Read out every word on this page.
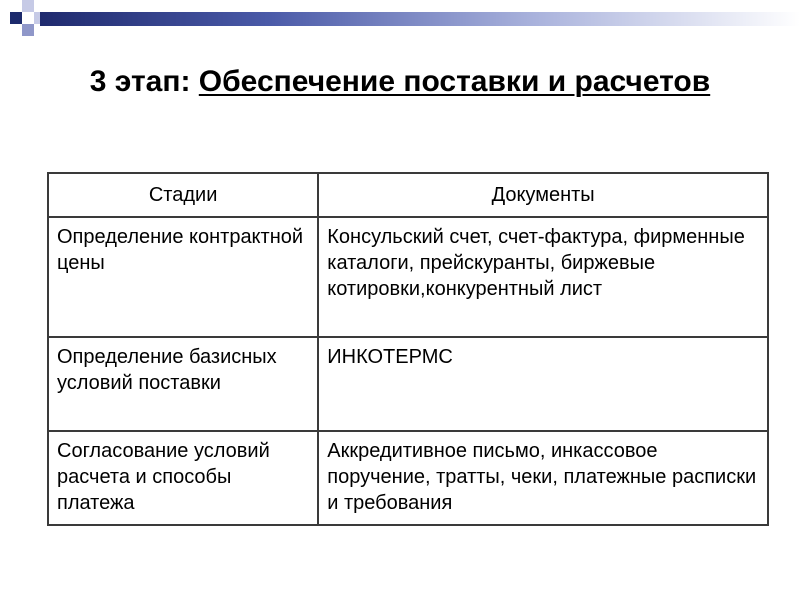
3 этап: Обеспечение поставки и расчетов
Стадии	Документы
Определение контрактной цены	Консульский счет, счет-фактура, фирменные каталоги, прейскуранты, биржевые котировки,конкурентный лист
Определение базисных условий поставки	ИНКОТЕРМС
Согласование условий расчета и способы платежа	Аккредитивное письмо, инкассовое поручение, тратты, чеки, платежные расписки и требования
